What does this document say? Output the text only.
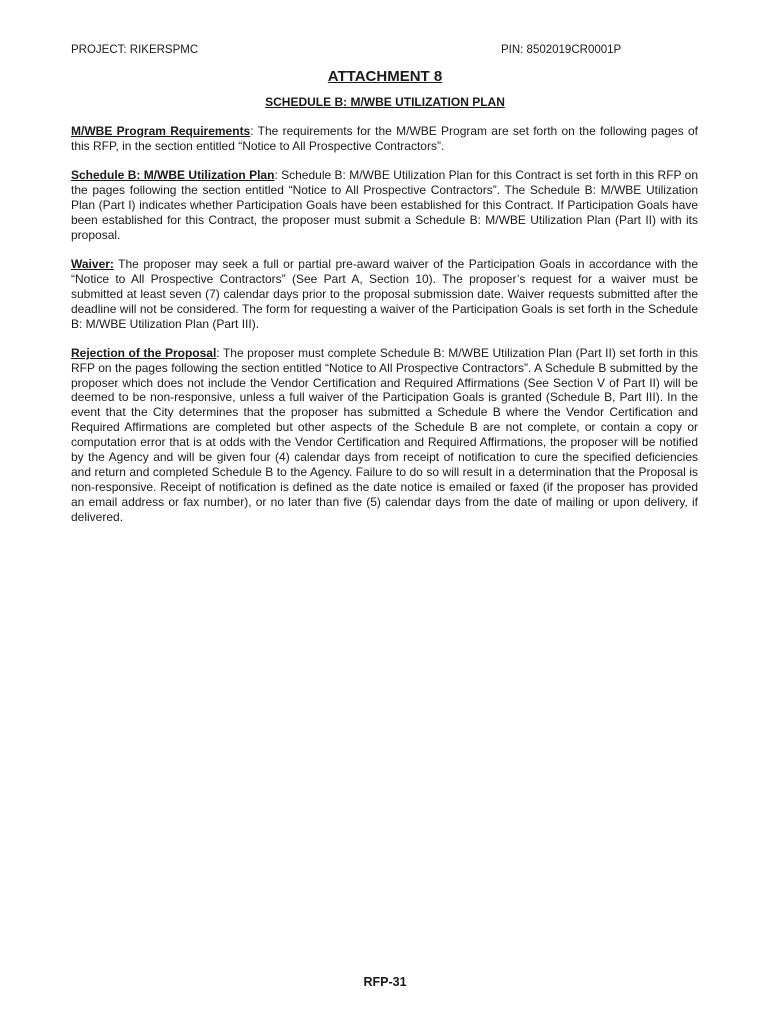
PROJECT: RIKERSPMC	PIN: 8502019CR0001P
ATTACHMENT 8
SCHEDULE B: M/WBE UTILIZATION PLAN

M/WBE Program Requirements: The requirements for the M/WBE Program are set forth on the following pages of this RFP, in the section entitled “Notice to All Prospective Contractors”.

Schedule B: M/WBE Utilization Plan: Schedule B: M/WBE Utilization Plan for this Contract is set forth in this RFP on the pages following the section entitled “Notice to All Prospective Contractors”. The Schedule B: M/WBE Utilization Plan (Part I) indicates whether Participation Goals have been established for this Contract. If Participation Goals have been established for this Contract, the proposer must submit a Schedule B: M/WBE Utilization Plan (Part II) with its proposal.

Waiver: The proposer may seek a full or partial pre-award waiver of the Participation Goals in accordance with the “Notice to All Prospective Contractors” (See Part A, Section 10). The proposer’s request for a waiver must be submitted at least seven (7) calendar days prior to the proposal submission date. Waiver requests submitted after the deadline will not be considered. The form for requesting a waiver of the Participation Goals is set forth in the Schedule B: M/WBE Utilization Plan (Part III).

Rejection of the Proposal: The proposer must complete Schedule B: M/WBE Utilization Plan (Part II) set forth in this RFP on the pages following the section entitled “Notice to All Prospective Contractors”. A Schedule B submitted by the proposer which does not include the Vendor Certification and Required Affirmations (See Section V of Part II) will be deemed to be non-responsive, unless a full waiver of the Participation Goals is granted (Schedule B, Part III). In the event that the City determines that the proposer has submitted a Schedule B where the Vendor Certification and Required Affirmations are completed but other aspects of the Schedule B are not complete, or contain a copy or computation error that is at odds with the Vendor Certification and Required Affirmations, the proposer will be notified by the Agency and will be given four (4) calendar days from receipt of notification to cure the specified deficiencies and return and completed Schedule B to the Agency. Failure to do so will result in a determination that the Proposal is non-responsive. Receipt of notification is defined as the date notice is emailed or faxed (if the proposer has provided an email address or fax number), or no later than five (5) calendar days from the date of mailing or upon delivery, if delivered.

RFP-31
